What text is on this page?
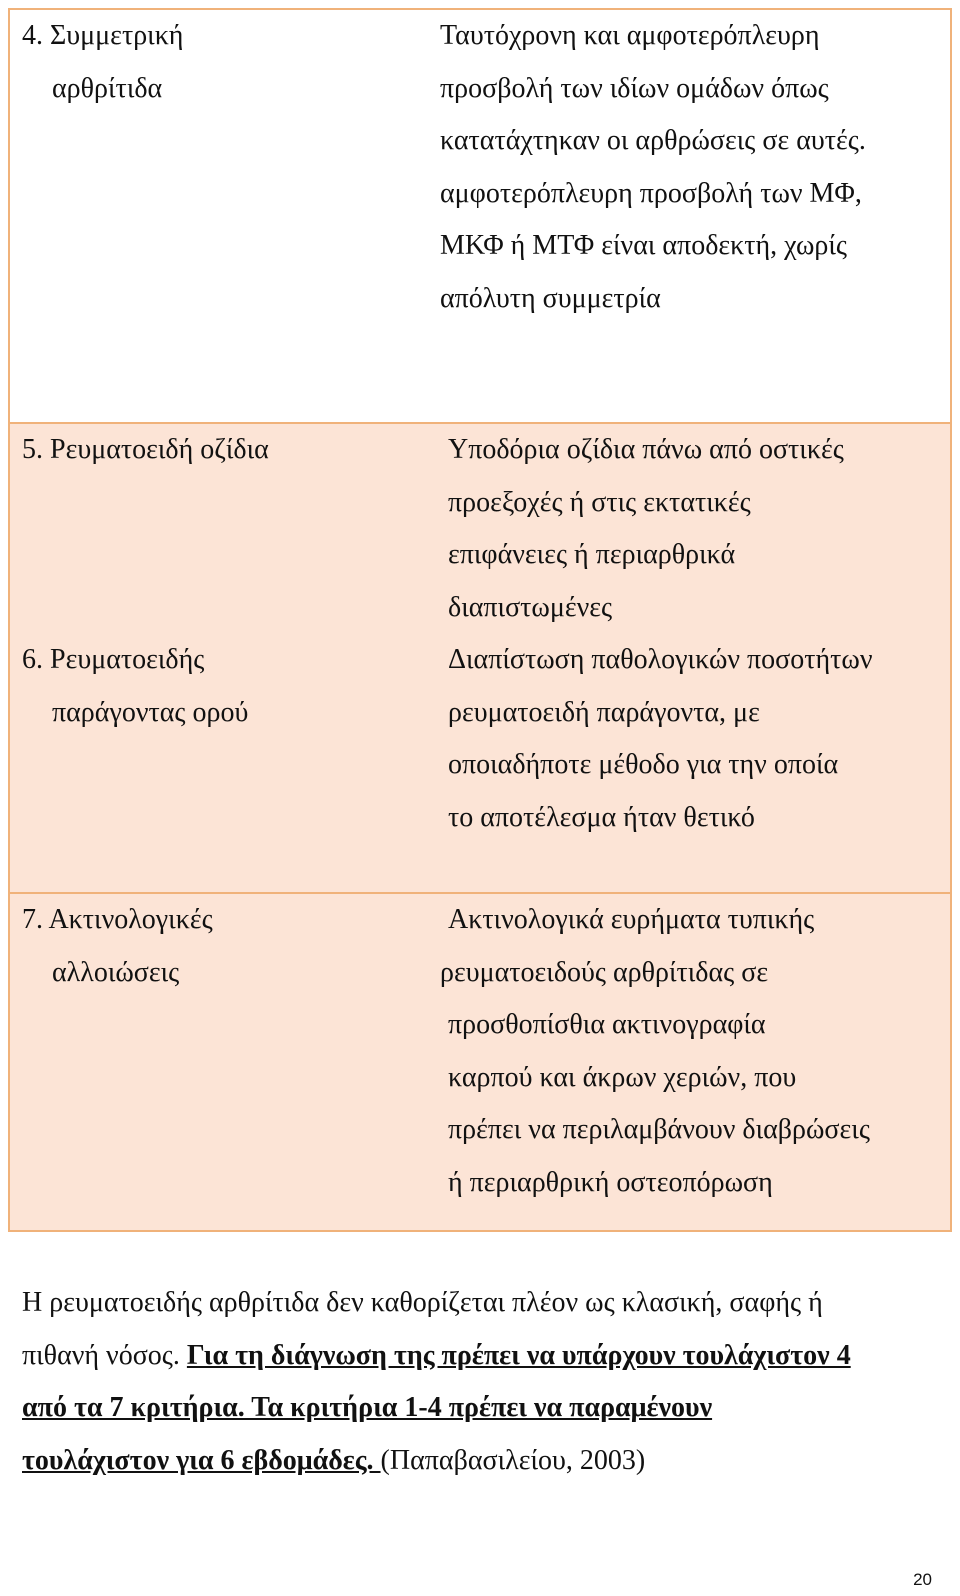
4. Συμμετρική
αρθρίτιδα
Ταυτόχρονη και αμφοτερόπλευρη
προσβολή των ιδίων ομάδων όπως
κατατάχτηκαν οι αρθρώσεις σε αυτές.
αμφοτερόπλευρη προσβολή των ΜΦ,
ΜΚΦ ή ΜΤΦ είναι αποδεκτή, χωρίς
απόλυτη συμμετρία
5. Ρευματοειδή οζίδια	Υποδόρια οζίδια πάνω από οστικές
προεξοχές ή στις εκτατικές
επιφάνειες ή περιαρθρικά
διαπιστωμένες
6. Ρευματοειδής
παράγοντας ορού
Διαπίστωση παθολογικών ποσοτήτων
ρευματοειδή παράγοντα, με
οποιαδήποτε μέθοδο για την οποία
το αποτέλεσμα ήταν θετικό
7. Ακτινολογικές
αλλοιώσεις
Ακτινολογικά ευρήματα τυπικής
ρευματοειδούς αρθρίτιδας σε
προσθοπίσθια ακτινογραφία
καρπού και άκρων χεριών, που
πρέπει να περιλαμβάνουν διαβρώσεις
ή περιαρθρική οστεοπόρωση
Η ρευματοειδής αρθρίτιδα δεν καθορίζεται πλέον ως κλασική, σαφής ή
πιθανή νόσος. Για τη διάγνωση της πρέπει να υπάρχουν τουλάχιστον 4
από τα 7 κριτήρια. Τα κριτήρια 1-4 πρέπει να παραμένουν
τουλάχιστον για 6 εβδομάδες. (Παπαβασιλείου, 2003)
20
